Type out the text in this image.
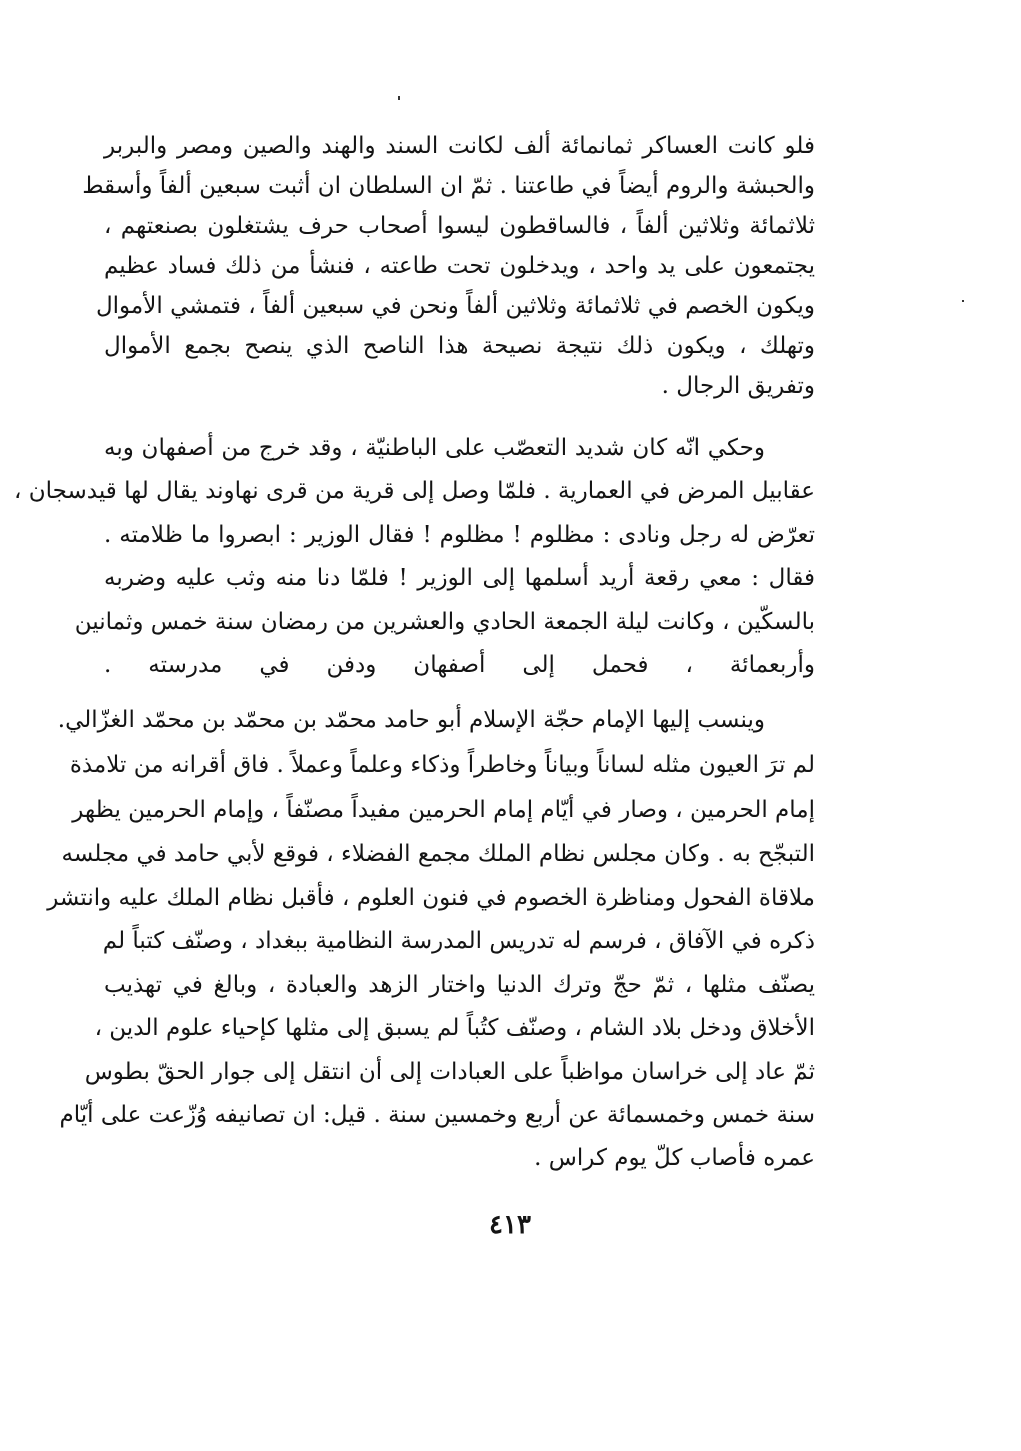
فلو كانت العساكر ثمانمائة ألف لكانت السند والهند والصين ومصر والبربر
والحبشة والروم أيضاً في طاعتنا . ثمّ ان السلطان ان أثبت سبعين ألفاً وأسقط
ثلاثمائة وثلاثين ألفاً ، فالساقطون ليسوا أصحاب حرف يشتغلون بصنعتهم ،
يجتمعون على يد واحد ، ويدخلون تحت طاعته ، فنشأ من ذلك فساد عظيم
ويكون الخصم في ثلاثمائة وثلاثين ألفاً ونحن في سبعين ألفاً ، فتمشي الأموال
وتهلك ، ويكون ذلك نتيجة نصيحة هذا الناصح الذي ينصح بجمع الأموال
وتفريق الرجال .
وحكي انّه كان شديد التعصّب على الباطنيّة ، وقد خرج من أصفهان وبه
عقابيل المرض في العمارية . فلمّا وصل إلى قرية من قرى نهاوند يقال لها قيدسجان ،
تعرّض له رجل ونادى : مظلوم ! مظلوم ! فقال الوزير : ابصروا ما ظلامته .
فقال : معي رقعة أريد أسلمها إلى الوزير ! فلمّا دنا منه وثب عليه وضربه
بالسكّين ، وكانت ليلة الجمعة الحادي والعشرين من رمضان سنة خمس وثمانين
وأربعمائة ، فحمل إلى أصفهان ودفن في مدرسته .
وينسب إليها الإمام حجّة الإسلام أبو حامد محمّد بن محمّد بن محمّد الغزّالي.
لم ترَ العيون مثله لساناً وبياناً وخاطراً وذكاء وعلماً وعملاً . فاق أقرانه من تلامذة
إمام الحرمين ، وصار في أيّام إمام الحرمين مفيداً مصنّفاً ، وإمام الحرمين يظهر
التبجّح به . وكان مجلس نظام الملك مجمع الفضلاء ، فوقع لأبي حامد في مجلسه
ملاقاة الفحول ومناظرة الخصوم في فنون العلوم ، فأقبل نظام الملك عليه وانتشر
ذكره في الآفاق ، فرسم له تدريس المدرسة النظامية ببغداد ، وصنّف كتباً لم
يصنّف مثلها ، ثمّ حجّ وترك الدنيا واختار الزهد والعبادة ، وبالغ في تهذيب
الأخلاق ودخل بلاد الشام ، وصنّف كتُباً لم يسبق إلى مثلها كإحياء علوم الدين ،
ثمّ عاد إلى خراسان مواظباً على العبادات إلى أن انتقل إلى جوار الحقّ بطوس
سنة خمس وخمسمائة عن أربع وخمسين سنة . قيل: ان تصانيفه وُزّعت على أيّام
عمره فأصاب كلّ يوم كراس .
٤١٣
